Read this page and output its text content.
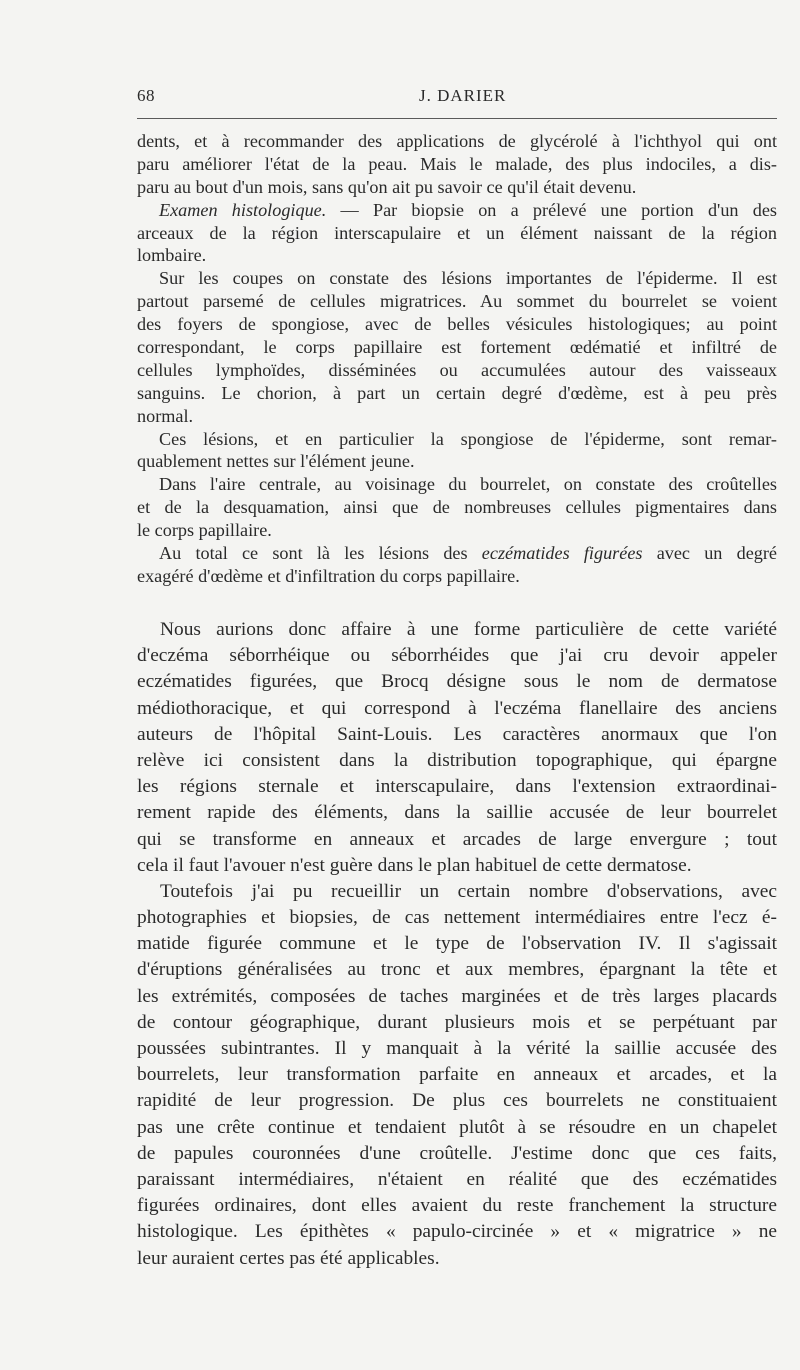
68	J. DARIER
dents, et à recommander des applications de glycérolé à l'ichthyol qui ont
paru améliorer l'état de la peau. Mais le malade, des plus indociles, a dis-
paru au bout d'un mois, sans qu'on ait pu savoir ce qu'il était devenu.
Examen histologique. — Par biopsie on a prélevé une portion d'un des
arceaux de la région interscapulaire et un élément naissant de la région
lombaire.
Sur les coupes on constate des lésions importantes de l'épiderme. Il est
partout parsemé de cellules migratrices. Au sommet du bourrelet se voient
des foyers de spongiose, avec de belles vésicules histologiques; au point
correspondant, le corps papillaire est fortement œdématié et infiltré de
cellules lymphoïdes, disséminées ou accumulées autour des vaisseaux
sanguins. Le chorion, à part un certain degré d'œdème, est à peu près
normal.
Ces lésions, et en particulier la spongiose de l'épiderme, sont remar-
quablement nettes sur l'élément jeune.
Dans l'aire centrale, au voisinage du bourrelet, on constate des croûtelles
et de la desquamation, ainsi que de nombreuses cellules pigmentaires dans
le corps papillaire.
Au total ce sont là les lésions des eczématides figurées avec un degré
exagéré d'œdème et d'infiltration du corps papillaire.
Nous aurions donc affaire à une forme particulière de cette variété
d'eczéma séborrhéique ou séborrhéides que j'ai cru devoir appeler
eczématides figurées, que Brocq désigne sous le nom de dermatose
médiothoracique, et qui correspond à l'eczéma flanellaire des anciens
auteurs de l'hôpital Saint-Louis. Les caractères anormaux que l'on
relève ici consistent dans la distribution topographique, qui épargne
les régions sternale et interscapulaire, dans l'extension extraordinai-
rement rapide des éléments, dans la saillie accusée de leur bourrelet
qui se transforme en anneaux et arcades de large envergure ; tout
cela il faut l'avouer n'est guère dans le plan habituel de cette dermatose.
Toutefois j'ai pu recueillir un certain nombre d'observations, avec
photographies et biopsies, de cas nettement intermédiaires entre l'ecz é-
matide figurée commune et le type de l'observation IV. Il s'agissait
d'éruptions généralisées au tronc et aux membres, épargnant la tête et
les extrémités, composées de taches marginées et de très larges placards
de contour géographique, durant plusieurs mois et se perpétuant par
poussées subintrantes. Il y manquait à la vérité la saillie accusée des
bourrelets, leur transformation parfaite en anneaux et arcades, et la
rapidité de leur progression. De plus ces bourrelets ne constituaient
pas une crête continue et tendaient plutôt à se résoudre en un chapelet
de papules couronnées d'une croûtelle. J'estime donc que ces faits,
paraissant intermédiaires, n'étaient en réalité que des eczématides
figurées ordinaires, dont elles avaient du reste franchement la structure
histologique. Les épithètes « papulo-circinée » et « migratrice » ne
leur auraient certes pas été applicables.
